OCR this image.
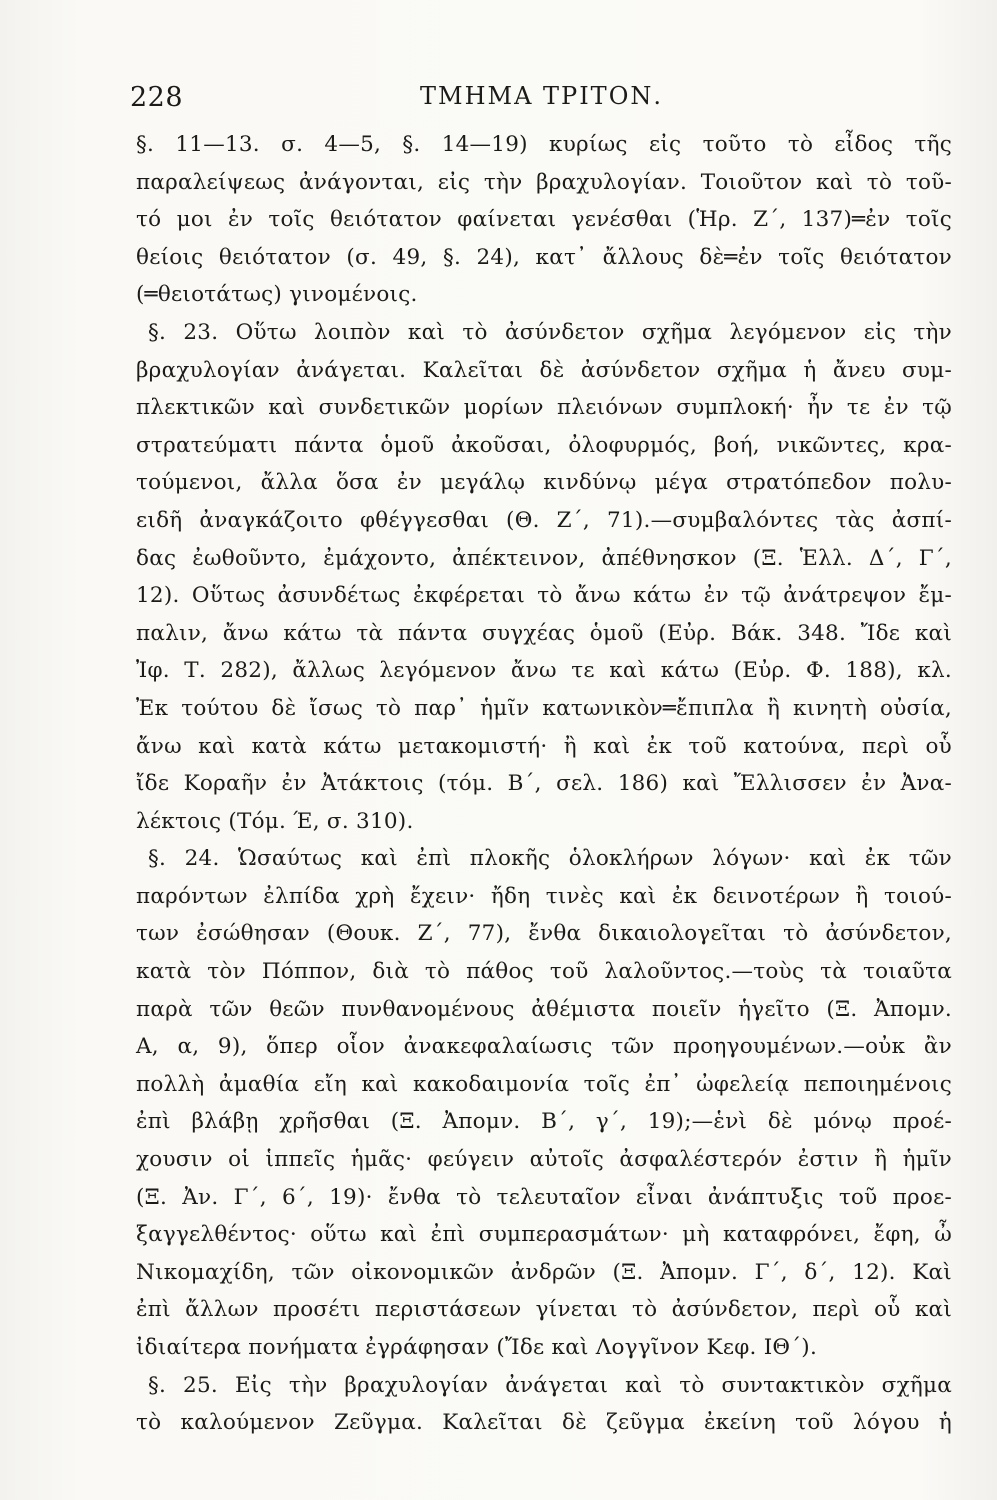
228	ΤΜΗΜΑ ΤΡΙΤΟΝ.
§. 11—13. σ. 4—5, §. 14—19) κυρίως εἰς τοῦτο τὸ εἶδος τῆς
παραλείψεως ἀνάγονται, εἰς τὴν βραχυλογίαν. Τοιοῦτον καὶ τὸ τοῦ-
τό μοι ἐν τοῖς θειότατον φαίνεται γενέσθαι (Ἡρ. Ζ΄, 137)═ἐν τοῖς
θείοις θειότατον (σ. 49, §. 24), κατ᾽ ἄλλους δὲ═ἐν τοῖς θειότατον
(═θειοτάτως) γινομένοις.
§. 23. Οὕτω λοιπὸν καὶ τὸ ἀσύνδετον σχῆμα λεγόμενον εἰς τὴν
βραχυλογίαν ἀνάγεται. Καλεῖται δὲ ἀσύνδετον σχῆμα ἡ ἄνευ συμ-
πλεκτικῶν καὶ συνδετικῶν μορίων πλειόνων συμπλοκή· ἦν τε ἐν τῷ
στρατεύματι πάντα ὁμοῦ ἀκοῦσαι, ὀλοφυρμός, βοή, νικῶντες, κρα-
τούμενοι, ἄλλα ὅσα ἐν μεγάλῳ κινδύνῳ μέγα στρατόπεδον πολυ-
ειδῆ ἀναγκάζοιτο φθέγγεσθαι (Θ. Ζ΄, 71).—συμβαλόντες τὰς ἀσπί-
δας ἐωθοῦντο, ἐμάχοντο, ἀπέκτεινον, ἀπέθνησκον (Ξ. Ἑλλ. Δ΄, Γ΄,
12). Οὕτως ἀσυνδέτως ἐκφέρεται τὸ ἄνω κάτω ἐν τῷ ἀνάτρεψον ἔμ-
παλιν, ἄνω κάτω τὰ πάντα συγχέας ὁμοῦ (Εὐρ. Βάκ. 348. Ἴδε καὶ
Ἰφ. Τ. 282), ἄλλως λεγόμενον ἄνω τε καὶ κάτω (Εὐρ. Φ. 188), κλ.
Ἐκ τούτου δὲ ἴσως τὸ παρ᾽ ἡμῖν κατωνικὸν═ἔπιπλα ἢ κινητὴ οὐσία,
ἄνω καὶ κατὰ κάτω μετακομιστή· ἢ καὶ ἐκ τοῦ κατούνα, περὶ οὗ
ἴδε Κοραῆν ἐν Ἀτάκτοις (τόμ. Β΄, σελ. 186) καὶ Ἔλλισσεν ἐν Ἀνα-
λέκτοις (Τόμ. Έ, σ. 310).
§. 24. Ὡσαύτως καὶ ἐπὶ πλοκῆς ὁλοκλήρων λόγων· καὶ ἐκ τῶν
παρόντων ἐλπίδα χρὴ ἔχειν· ἤδη τινὲς καὶ ἐκ δεινοτέρων ἢ τοιού-
των ἐσώθησαν (Θουκ. Ζ΄, 77), ἔνθα δικαιολογεῖται τὸ ἀσύνδετον,
κατὰ τὸν Πόππον, διὰ τὸ πάθος τοῦ λαλοῦντος.—τοὺς τὰ τοιαῦτα
παρὰ τῶν θεῶν πυνθανομένους ἀθέμιστα ποιεῖν ἡγεῖτο (Ξ. Ἀπομν.
Α, α, 9), ὅπερ οἷον ἀνακεφαλαίωσις τῶν προηγουμένων.—οὐκ ἂν
πολλὴ ἀμαθία εἴη καὶ κακοδαιμονία τοῖς ἐπ᾽ ὠφελείᾳ πεποιημένοις
ἐπὶ βλάβῃ χρῆσθαι (Ξ. Ἀπομν. Β΄, γ΄, 19);—ἑνὶ δὲ μόνῳ προέ-
χουσιν οἱ ἱππεῖς ἡμᾶς· φεύγειν αὐτοῖς ἀσφαλέστερόν ἐστιν ἢ ἡμῖν
(Ξ. Ἀν. Γ΄, 6΄, 19)· ἔνθα τὸ τελευταῖον εἶναι ἀνάπτυξις τοῦ προε-
ξαγγελθέντος· οὕτω καὶ ἐπὶ συμπερασμάτων· μὴ καταφρόνει, ἔφη, ὦ
Νικομαχίδη, τῶν οἰκονομικῶν ἀνδρῶν (Ξ. Ἀπομν. Γ΄, δ΄, 12). Καὶ
ἐπὶ ἄλλων προσέτι περιστάσεων γίνεται τὸ ἀσύνδετον, περὶ οὗ καὶ
ἰδιαίτερα πονήματα ἐγράφησαν (Ἴδε καὶ Λογγῖνον Κεφ. ΙΘ΄).
§. 25. Εἰς τὴν βραχυλογίαν ἀνάγεται καὶ τὸ συντακτικὸν σχῆμα
τὸ καλούμενον Ζεῦγμα. Καλεῖται δὲ ζεῦγμα ἐκείνη τοῦ λόγου ἡ
